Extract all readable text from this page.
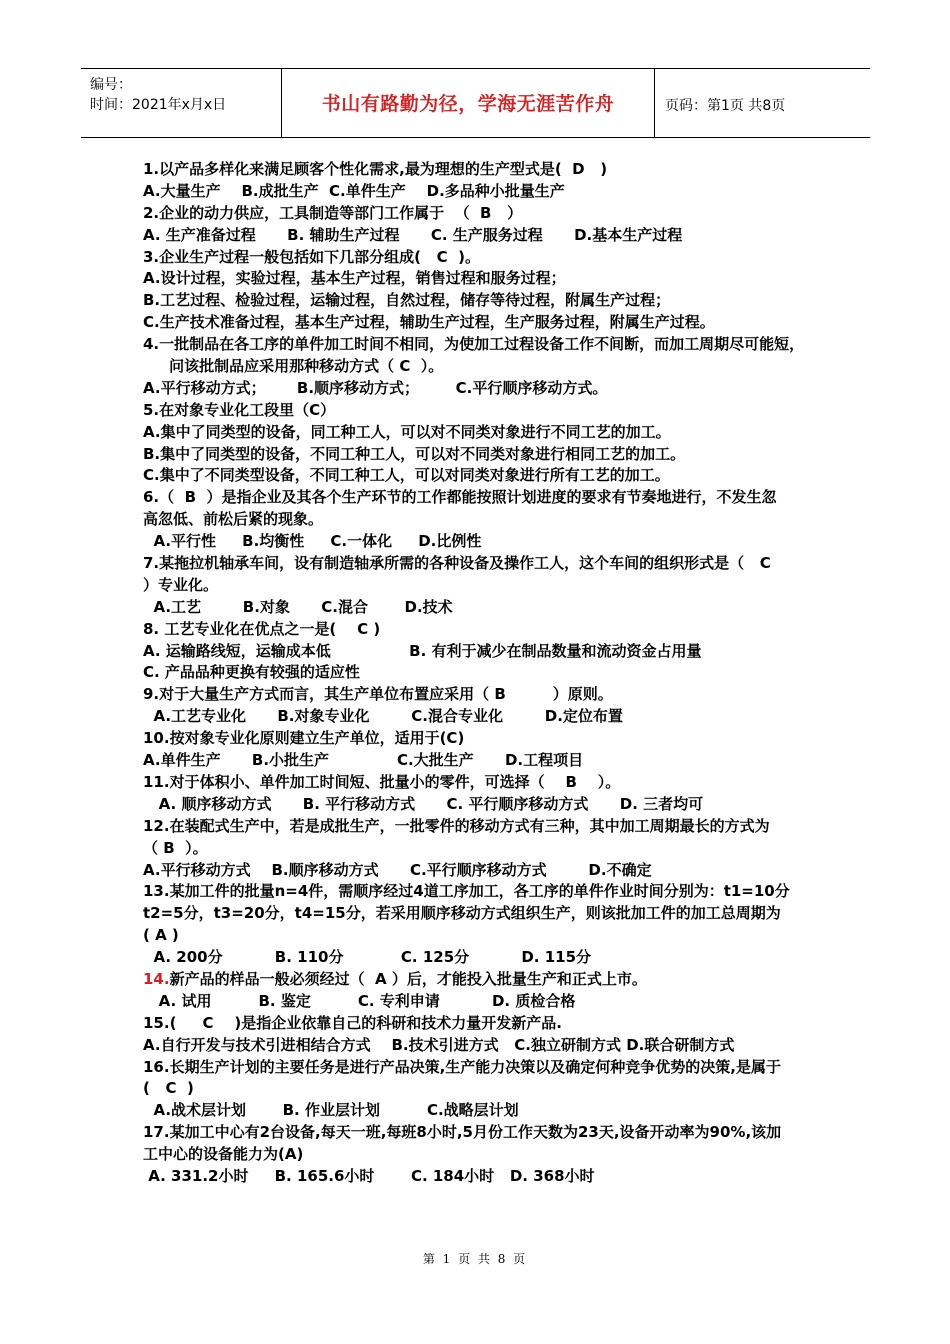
编号：
时间：2021年x月x日	书山有路勤为径，学海无涯苦作舟	页码：第1页 共8页
1.以产品多样化来满足顾客个性化需求,最为理想的生产型式是(  D   )
A.大量生产    B.成批生产  C.单件生产    D.多品种小批量生产
2.企业的动力供应，工具制造等部门工作属于  （  B   ）
A. 生产准备过程      B. 辅助生产过程      C. 生产服务过程      D.基本生产过程
3.企业生产过程一般包括如下几部分组成(   C  )。
A.设计过程，实验过程，基本生产过程，销售过程和服务过程；
B.工艺过程、检验过程，运输过程，自然过程，储存等待过程，附属生产过程；
C.生产技术准备过程，基本生产过程，辅助生产过程，生产服务过程，附属生产过程。
4.一批制品在各工序的单件加工时间不相同，为使加工过程设备工作不间断，而加工周期尽可能短，
问该批制品应采用那种移动方式（ C  ）。
A.平行移动方式；      B.顺序移动方式；       C.平行顺序移动方式。
5.在对象专业化工段里（C）
A.集中了同类型的设备，同工种工人，可以对不同类对象进行不同工艺的加工。
B.集中了同类型的设备，不同工种工人，可以对不同类对象进行相同工艺的加工。
C.集中了不同类型设备，不同工种工人，可以对同类对象进行所有工艺的加工。
6.（  B  ）是指企业及其各个生产环节的工作都能按照计划进度的要求有节奏地进行，不发生忽
高忽低、前松后紧的现象。
A.平行性     B.均衡性     C.一体化     D.比例性
7.某拖拉机轴承车间，设有制造轴承所需的各种设备及操作工人，这个车间的组织形式是（   C
）专业化。
A.工艺        B.对象      C.混合       D.技术
8. 工艺专业化在优点之一是(    C )
A. 运输路线短，运输成本低               B. 有利于减少在制品数量和流动资金占用量
C. 产品品种更换有较强的适应性
9.对于大量生产方式而言，其生产单位布置应采用（ B         ）原则。
A.工艺专业化      B.对象专业化        C.混合专业化        D.定位布置
10.按对象专业化原则建立生产单位，适用于(C)
A.单件生产      B.小批生产             C.大批生产      D.工程项目
11.对于体积小、单件加工时间短、批量小的零件，可选择（    B    ）。
A. 顺序移动方式      B. 平行移动方式      C. 平行顺序移动方式      D. 三者均可
12.在装配式生产中，若是成批生产，一批零件的移动方式有三种，其中加工周期最长的方式为
（ B  ）。
A.平行移动方式    B.顺序移动方式      C.平行顺序移动方式        D.不确定
13.某加工件的批量n=4件，需顺序经过4道工序加工，各工序的单件作业时间分别为：t1=10分
t2=5分，t3=20分，t4=15分，若采用顺序移动方式组织生产，则该批加工件的加工总周期为
( A )
A. 200分          B. 110分           C. 125分          D. 115分
14.新产品的样品一般必须经过（  A ）后，才能投入批量生产和正式上市。
A. 试用         B. 鉴定         C. 专利申请          D. 质检合格
15.(     C    )是指企业依靠自己的科研和技术力量开发新产品.
A.自行开发与技术引进相结合方式    B.技术引进方式   C.独立研制方式 D.联合研制方式
16.长期生产计划的主要任务是进行产品决策,生产能力决策以及确定何种竞争优势的决策,是属于
(   C  )
A.战术层计划       B. 作业层计划         C.战略层计划
17.某加工中心有2台设备,每天一班,每班8小时,5月份工作天数为23天,设备开动率为90%,该加
工中心的设备能力为(A)
A. 331.2小时     B. 165.6小时       C. 184小时   D. 368小时
第 1 页 共 8 页
